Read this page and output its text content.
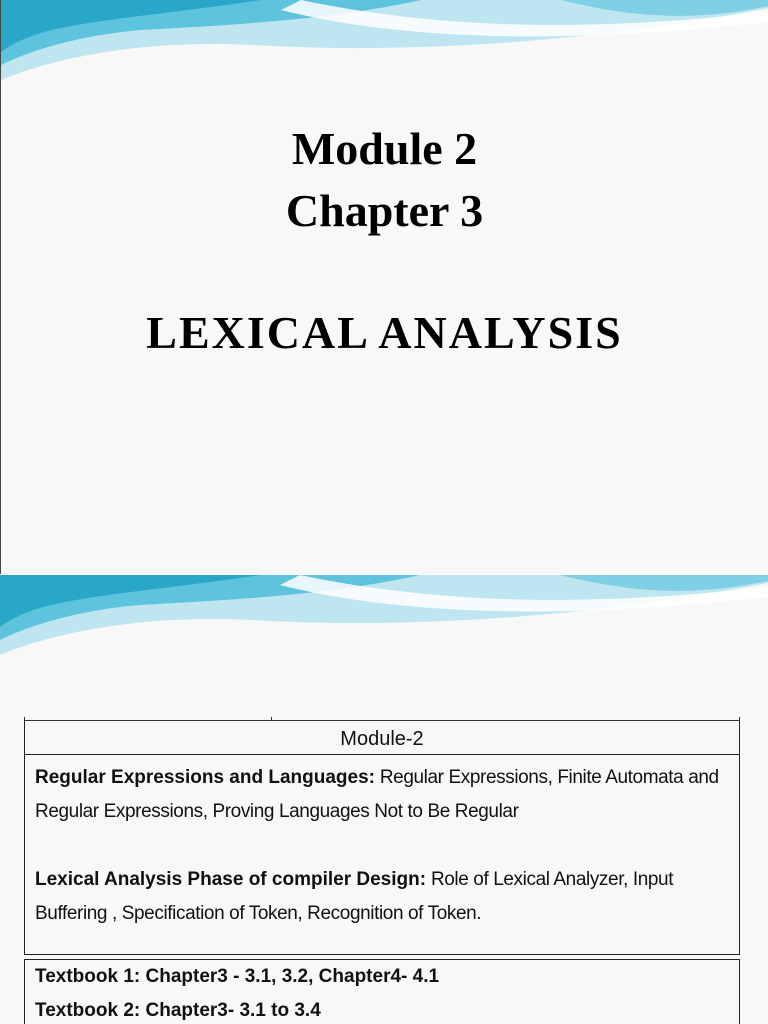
Module 2
Chapter 3
LEXICAL ANALYSIS
Module-2

Regular Expressions and Languages: Regular Expressions, Finite Automata and Regular Expressions, Proving Languages Not to Be Regular

Lexical Analysis Phase of compiler Design: Role of Lexical Analyzer, Input Buffering , Specification of Token, Recognition of Token.

Textbook 1: Chapter3 - 3.1, 3.2, Chapter4- 4.1
Textbook 2: Chapter3- 3.1 to 3.4
